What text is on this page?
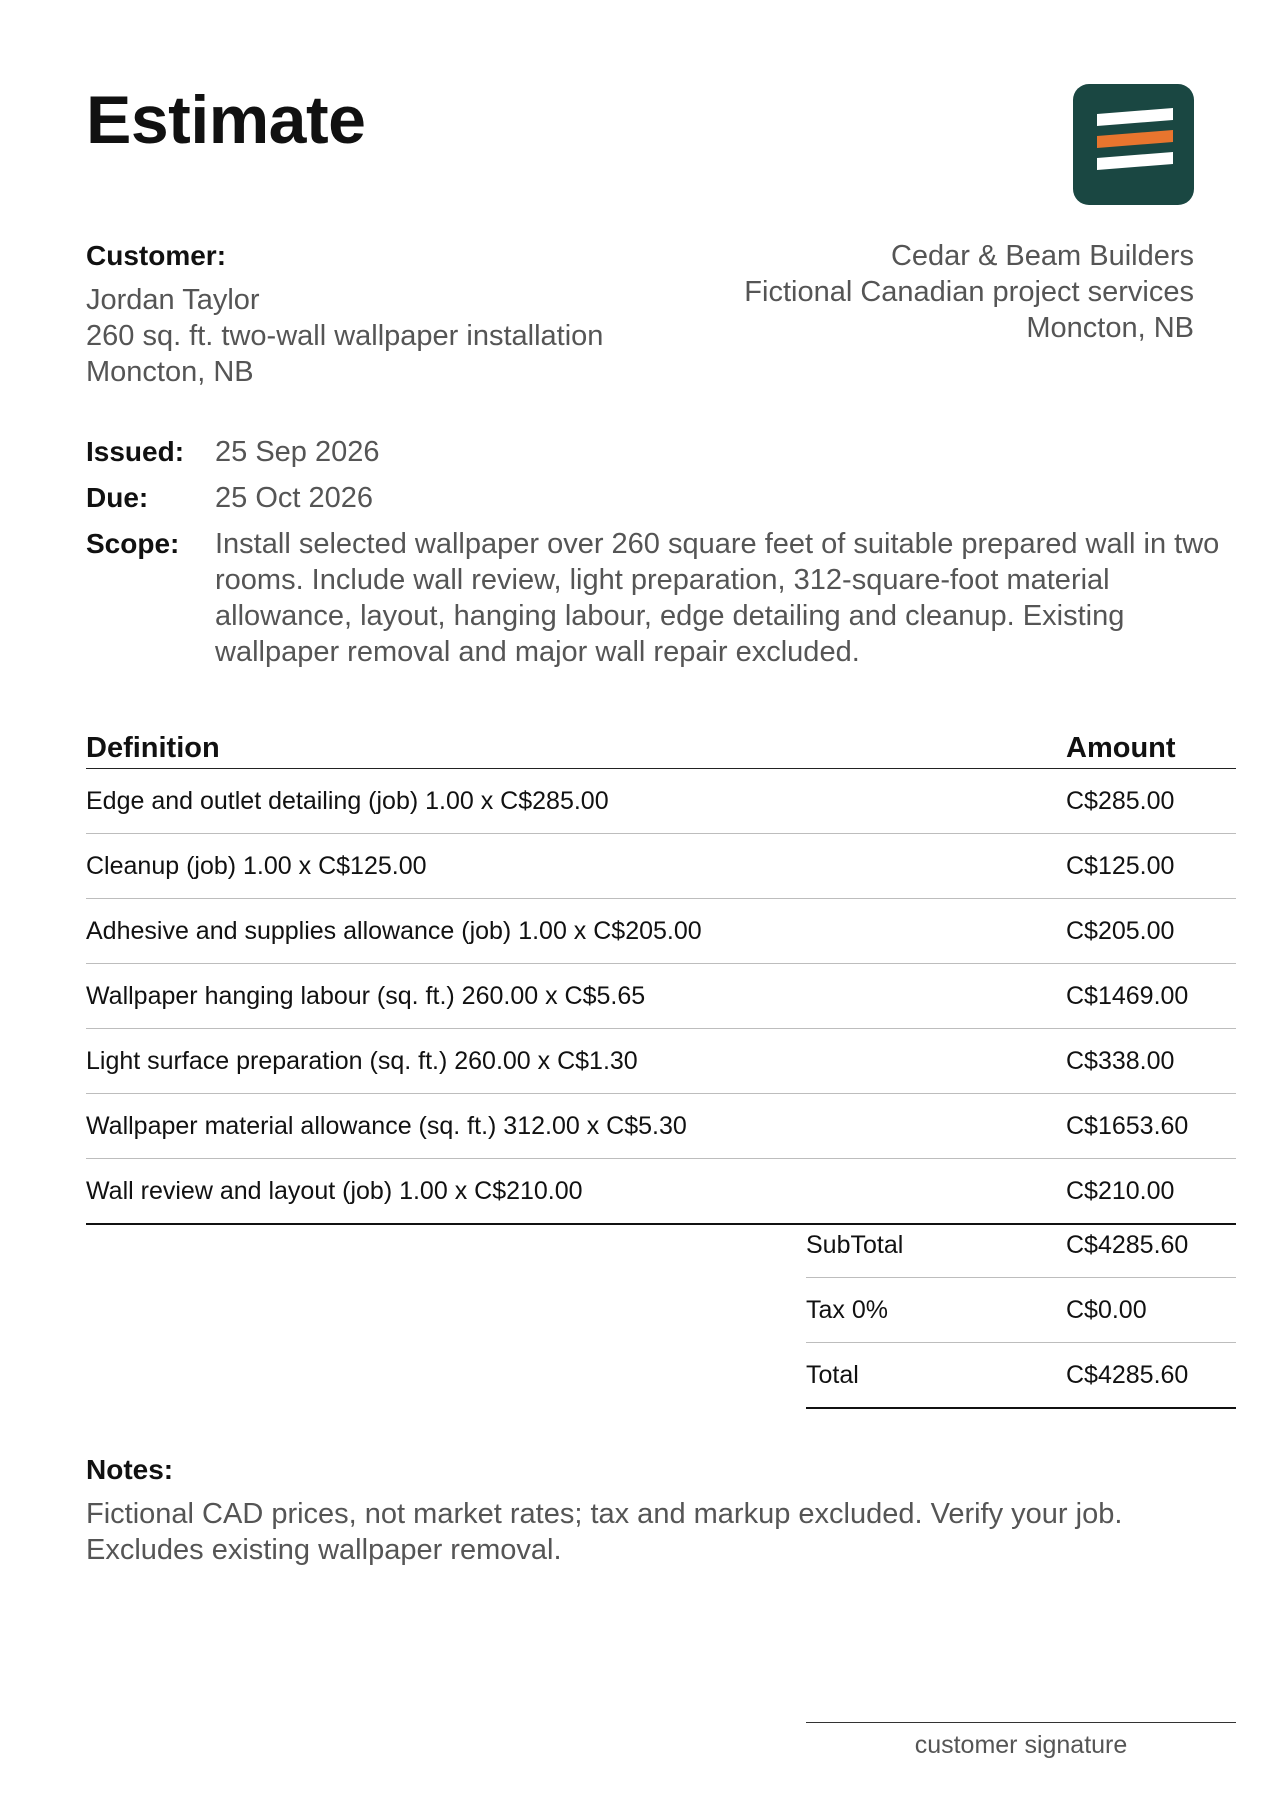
Estimate
Customer:
Jordan Taylor
260 sq. ft. two-wall wallpaper installation
Moncton, NB
Cedar & Beam Builders
Fictional Canadian project services
Moncton, NB
Issued:	25 Sep 2026
Due:	25 Oct 2026
Scope:	Install selected wallpaper over 260 square feet of suitable prepared wall in two rooms. Include wall review, light preparation, 312-square-foot material allowance, layout, hanging labour, edge detailing and cleanup. Existing wallpaper removal and major wall repair excluded.
Definition	Amount
Edge and outlet detailing (job) 1.00 x C$285.00	C$285.00
Cleanup (job) 1.00 x C$125.00	C$125.00
Adhesive and supplies allowance (job) 1.00 x C$205.00	C$205.00
Wallpaper hanging labour (sq. ft.) 260.00 x C$5.65	C$1469.00
Light surface preparation (sq. ft.) 260.00 x C$1.30	C$338.00
Wallpaper material allowance (sq. ft.) 312.00 x C$5.30	C$1653.60
Wall review and layout (job) 1.00 x C$210.00	C$210.00
SubTotal	C$4285.60
Tax 0%	C$0.00
Total	C$4285.60
Notes:
Fictional CAD prices, not market rates; tax and markup excluded. Verify your job. Excludes existing wallpaper removal.
customer signature
